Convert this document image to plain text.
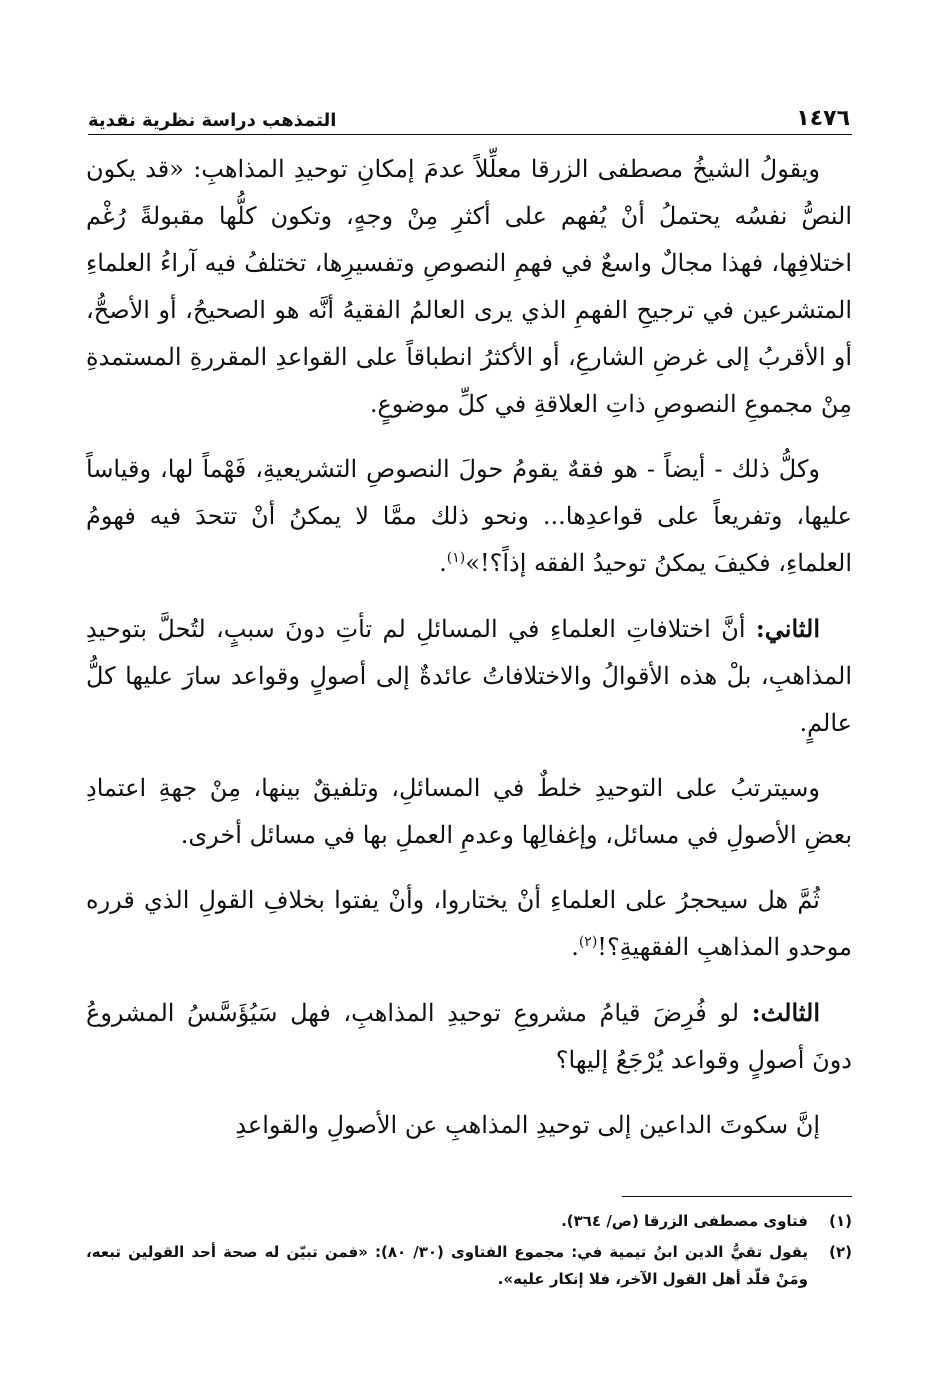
١٤٧٦
التمذهب دراسة نظرية نقدية

ويقولُ الشيخُ مصطفى الزرقا معلِّلاً عدمَ إمكانِ توحيدِ المذاهبِ: «قد يكون النصُّ نفسُه يحتملُ أنْ يُفهم على أكثرِ مِنْ وجهٍ، وتكون كلُّها مقبولةً رُغْم اختلافِها، فهذا مجالٌ واسعٌ في فهمِ النصوصِ وتفسيرِها، تختلفُ فيه آراءُ العلماءِ المتشرعين في ترجيحِ الفهمِ الذي يرى العالمُ الفقيهُ أنَّه هو الصحيحُ، أو الأصحُّ، أو الأقربُ إلى غرضِ الشارعِ، أو الأكثرُ انطباقاً على القواعدِ المقررةِ المستمدةِ مِنْ مجموعِ النصوصِ ذاتِ العلاقةِ في كلِّ موضوعٍ.

وكلُّ ذلك - أيضاً - هو فقهٌ يقومُ حولَ النصوصِ التشريعيةِ، فَهْماً لها، وقياساً عليها، وتفريعاً على قواعدِها... ونحو ذلك ممَّا لا يمكنُ أنْ تتحدَ فيه فهومُ العلماءِ، فكيفَ يمكنُ توحيدُ الفقه إذاً؟!»$^{(١)}$.

الثاني: أنَّ اختلافاتِ العلماءِ في المسائلِ لم تأتِ دونَ سببٍ، لتُحلَّ بتوحيدِ المذاهبِ، بلْ هذه الأقوالُ والاختلافاتُ عائدةٌ إلى أصولٍ وقواعد سارَ عليها كلُّ عالمٍ.

وسيترتبُ على التوحيدِ خلطٌ في المسائلِ، وتلفيقٌ بينها، مِنْ جهةِ اعتمادِ بعضِ الأصولِ في مسائل، وإغفالِها وعدمِ العملِ بها في مسائل أخرى.

ثُمَّ هل سيحجرُ على العلماءِ أنْ يختاروا، وأنْ يفتوا بخلافِ القولِ الذي قرره موحدو المذاهبِ الفقهيةِ؟!$^{(٢)}$.

الثالث: لو فُرِضَ قيامُ مشروعِ توحيدِ المذاهبِ، فهل سَيُؤَسَّسُ المشروعُ دونَ أصولٍ وقواعد يُرْجَعُ إليها؟

إنَّ سكوتَ الداعين إلى توحيدِ المذاهبِ عن الأصولِ والقواعدِ

(١)
فتاوى مصطفى الزرقا (ص/ ٣٦٤).
(٢)
يقول تقيُّ الدين ابنُ تيمية في: مجموع الفتاوى (٣٠/ ٨٠): «فمن تبيّن له صحة أحد القولين تبعه، ومَنْ قلّد أهل القول الآخر، فلا إنكار عليه».
